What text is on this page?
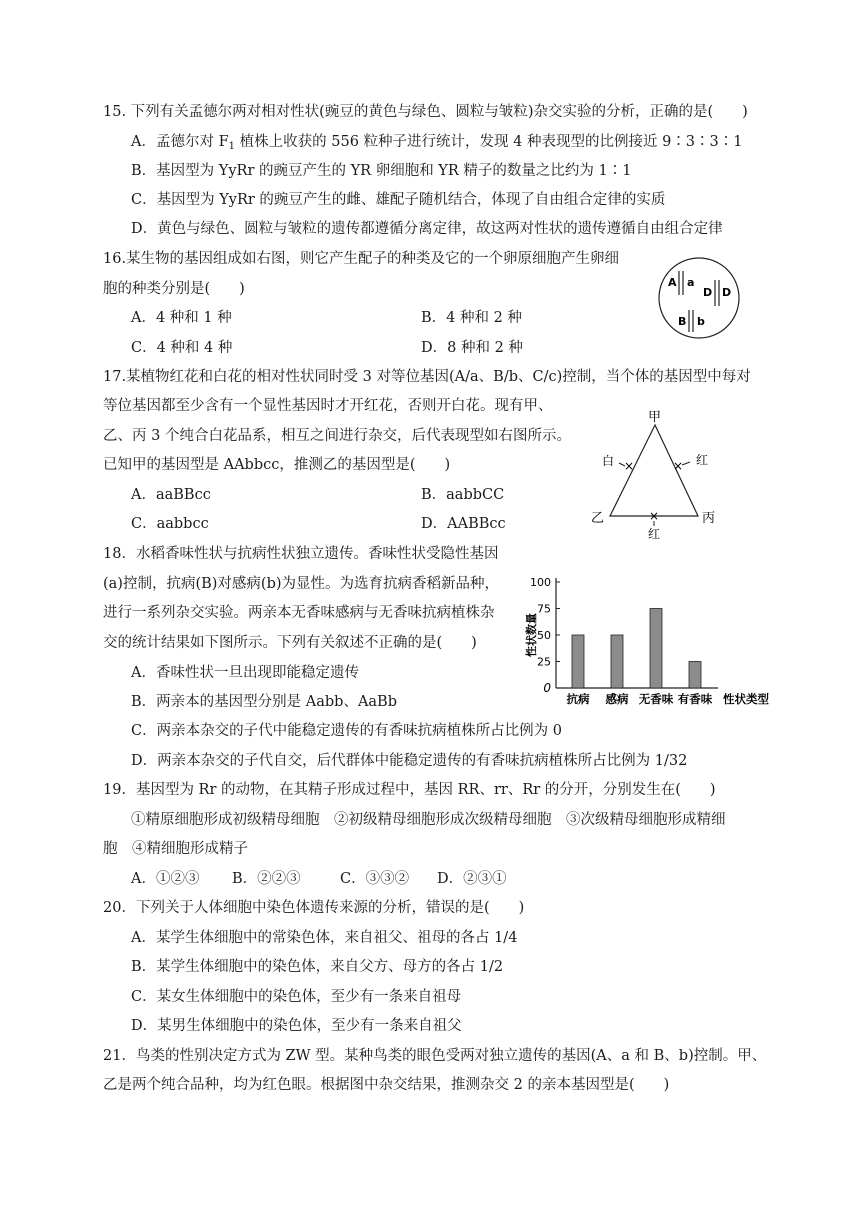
15. 下列有关孟德尔两对相对性状(豌豆的黄色与绿色、圆粒与皱粒)杂交实验的分析，正确的是(　　)
A．孟德尔对 $F_1$ 植株上收获的 556 粒种子进行统计，发现 4 种表现型的比例接近 9∶3∶3∶1
B．基因型为 YyRr 的豌豆产生的 YR 卵细胞和 YR 精子的数量之比约为 1∶1
C．基因型为 YyRr 的豌豆产生的雌、雄配子随机结合，体现了自由组合定律的实质
D．黄色与绿色、圆粒与皱粒的遗传都遵循分离定律，故这两对性状的遗传遵循自由组合定律
16.某生物的基因组成如右图，则它产生配子的种类及它的一个卵原细胞产生卵细
胞的种类分别是(　　)
A．4 种和 1 种	B．4 种和 2 种
C．4 种和 4 种	D．8 种和 2 种
A a
D D
B b
17.某植物红花和白花的相对性状同时受 3 对等位基因(A/a、B/b、C/c)控制，当个体的基因型中每对
等位基因都至少含有一个显性基因时才开红花，否则开白花。现有甲、
乙、丙 3 个纯合白花品系，相互之间进行杂交，后代表现型如右图所示。
已知甲的基因型是 AAbbcc，推测乙的基因型是(　　)
A．aaBBcc	B．aabbCC
C．aabbcc	D．AABBcc
甲
乙	丙
×
白	× 红
×
红
18．水稻香味性状与抗病性状独立遗传。香味性状受隐性基因
(a)控制，抗病(B)对感病(b)为显性。为选育抗病香稻新品种，
进行一系列杂交实验。两亲本无香味感病与无香味抗病植株杂
交的统计结果如下图所示。下列有关叙述不正确的是(　　)
A．香味性状一旦出现即能稳定遗传
B．两亲本的基因型分别是 Aabb、AaBb
C．两亲本杂交的子代中能稳定遗传的有香味抗病植株所占比例为 0
D．两亲本杂交的子代自交，后代群体中能稳定遗传的有香味抗病植株所占比例为 1/32
0
25
50
75
100
性状数量
抗病 感病 无香味 有香味 性状类型
19．基因型为 Rr 的动物，在其精子形成过程中，基因 RR、rr、Rr 的分开，分别发生在(　　)
①精原细胞形成初级精母细胞　②初级精母细胞形成次级精母细胞　③次级精母细胞形成精细
胞　④精细胞形成精子
A．①②③ B．②②③	C．③③② D．②③①
20．下列关于人体细胞中染色体遗传来源的分析，错误的是(　　)
A．某学生体细胞中的常染色体，来自祖父、祖母的各占 1/4
B．某学生体细胞中的染色体，来自父方、母方的各占 1/2
C．某女生体细胞中的染色体，至少有一条来自祖母
D．某男生体细胞中的染色体，至少有一条来自祖父
21．鸟类的性别决定方式为 ZW 型。某种鸟类的眼色受两对独立遗传的基因(A、a 和 B、b)控制。甲、
乙是两个纯合品种，均为红色眼。根据图中杂交结果，推测杂交 2 的亲本基因型是(　　)
